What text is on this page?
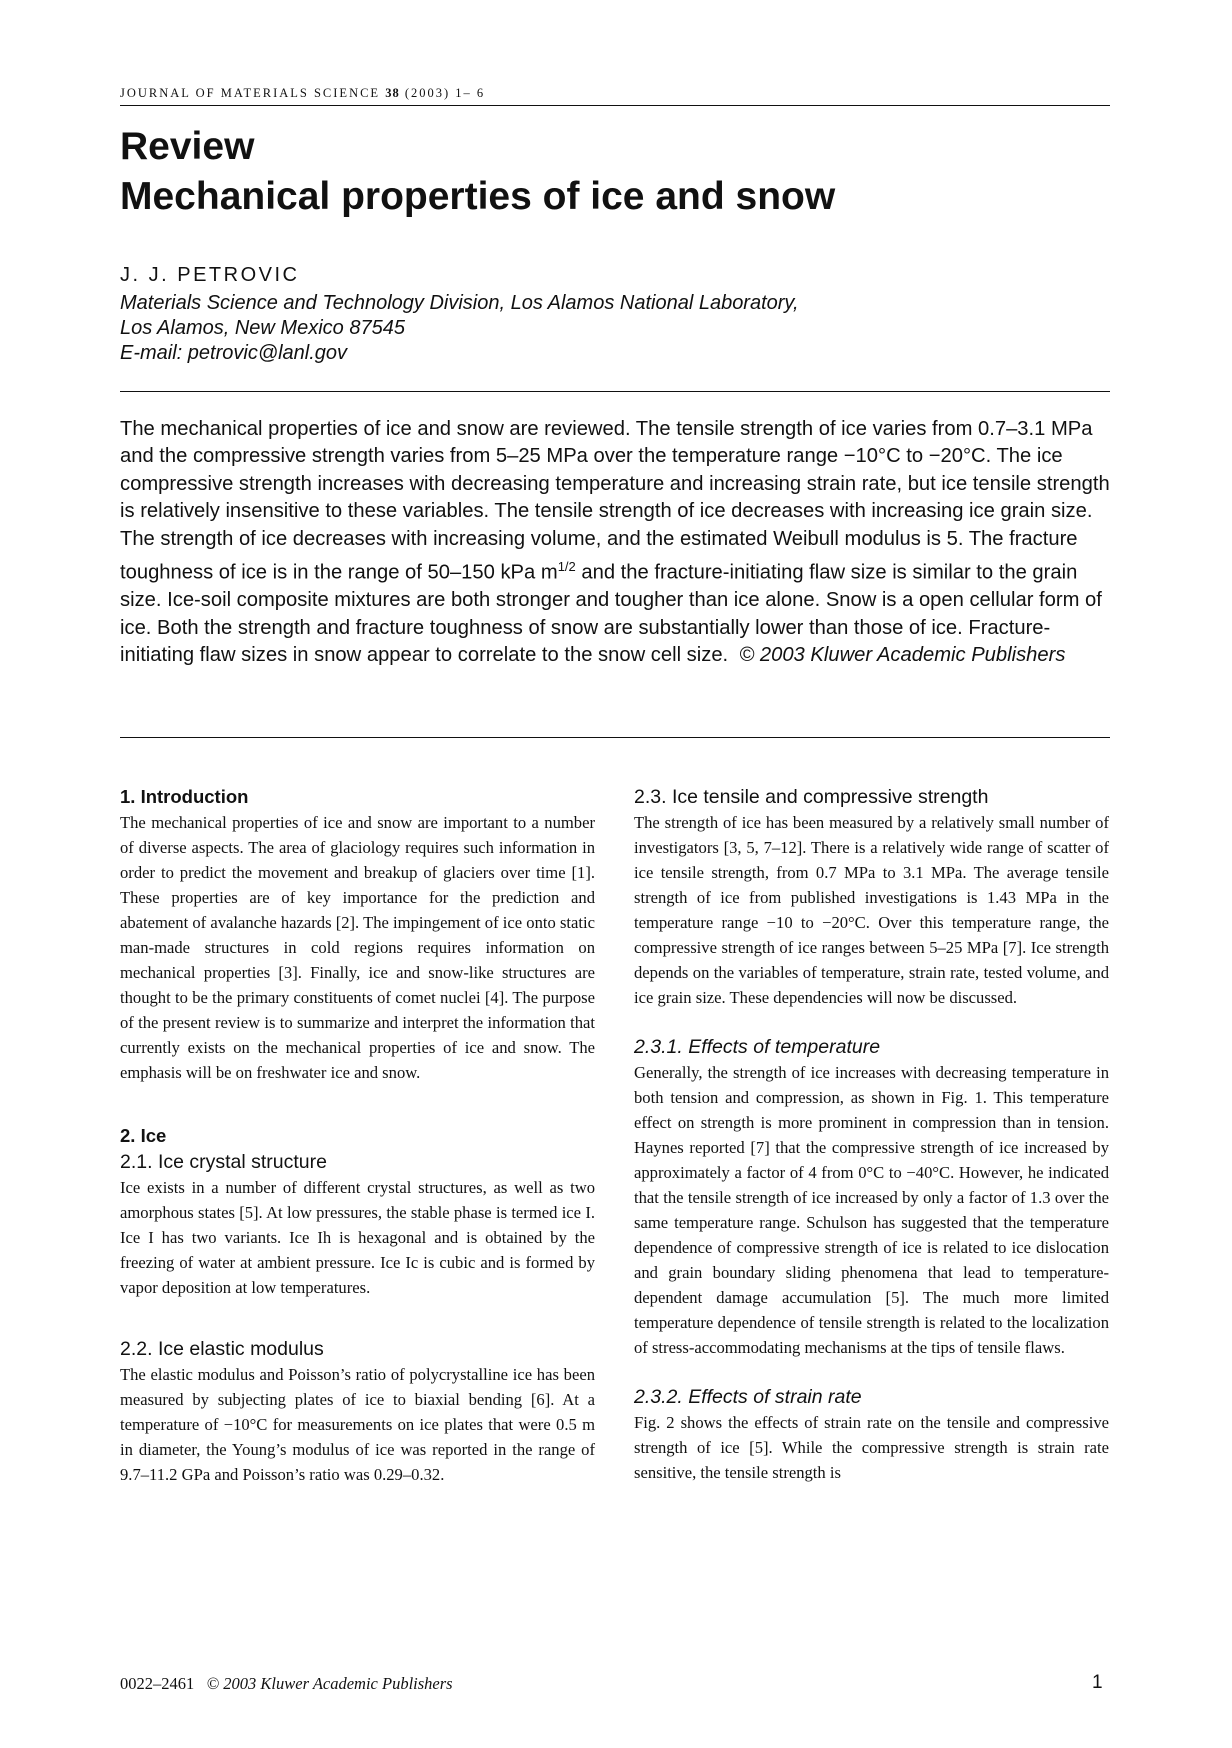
JOURNAL OF MATERIALS SCIENCE 38 (2003) 1– 6
Review
Mechanical properties of ice and snow
J. J. PETROVIC
Materials Science and Technology Division, Los Alamos National Laboratory,
Los Alamos, New Mexico 87545
E-mail: petrovic@lanl.gov
The mechanical properties of ice and snow are reviewed. The tensile strength of ice varies from 0.7–3.1 MPa and the compressive strength varies from 5–25 MPa over the temperature range −10°C to −20°C. The ice compressive strength increases with decreasing temperature and increasing strain rate, but ice tensile strength is relatively insensitive to these variables. The tensile strength of ice decreases with increasing ice grain size. The strength of ice decreases with increasing volume, and the estimated Weibull modulus is 5. The fracture toughness of ice is in the range of 50–150 kPa $m^{1/2}$ and the fracture-initiating flaw size is similar to the grain size. Ice-soil composite mixtures are both stronger and tougher than ice alone. Snow is a open cellular form of ice. Both the strength and fracture toughness of snow are substantially lower than those of ice. Fracture-initiating flaw sizes in snow appear to correlate to the snow cell size. © 2003 Kluwer Academic Publishers
1. Introduction

The mechanical properties of ice and snow are important to a number of diverse aspects. The area of glaciology requires such information in order to predict the movement and breakup of glaciers over time [1]. These properties are of key importance for the prediction and abatement of avalanche hazards [2]. The impingement of ice onto static man-made structures in cold regions requires information on mechanical properties [3]. Finally, ice and snow-like structures are thought to be the primary constituents of comet nuclei [4]. The purpose of the present review is to summarize and interpret the information that currently exists on the mechanical properties of ice and snow. The emphasis will be on freshwater ice and snow.

2. Ice
2.1. Ice crystal structure

Ice exists in a number of different crystal structures, as well as two amorphous states [5]. At low pressures, the stable phase is termed ice I. Ice I has two variants. Ice Ih is hexagonal and is obtained by the freezing of water at ambient pressure. Ice Ic is cubic and is formed by vapor deposition at low temperatures.

2.2. Ice elastic modulus

The elastic modulus and Poisson’s ratio of polycrystalline ice has been measured by subjecting plates of ice to biaxial bending [6]. At a temperature of −10°C for measurements on ice plates that were 0.5 m in diameter, the Young’s modulus of ice was reported in the range of 9.7–11.2 GPa and Poisson’s ratio was 0.29–0.32.

2.3. Ice tensile and compressive strength

The strength of ice has been measured by a relatively small number of investigators [3, 5, 7–12]. There is a relatively wide range of scatter of ice tensile strength, from 0.7 MPa to 3.1 MPa. The average tensile strength of ice from published investigations is 1.43 MPa in the temperature range −10 to −20°C. Over this temperature range, the compressive strength of ice ranges between 5–25 MPa [7]. Ice strength depends on the variables of temperature, strain rate, tested volume, and ice grain size. These dependencies will now be discussed.

2.3.1. Effects of temperature

Generally, the strength of ice increases with decreasing temperature in both tension and compression, as shown in Fig. 1. This temperature effect on strength is more prominent in compression than in tension. Haynes reported [7] that the compressive strength of ice increased by approximately a factor of 4 from 0°C to −40°C. However, he indicated that the tensile strength of ice increased by only a factor of 1.3 over the same temperature range. Schulson has suggested that the temperature dependence of compressive strength of ice is related to ice dislocation and grain boundary sliding phenomena that lead to temperature-dependent damage accumulation [5]. The much more limited temperature dependence of tensile strength is related to the localization of stress-accommodating mechanisms at the tips of tensile flaws.

2.3.2. Effects of strain rate

Fig. 2 shows the effects of strain rate on the tensile and compressive strength of ice [5]. While the compressive strength is strain rate sensitive, the tensile strength is

0022–2461 © 2003 Kluwer Academic Publishers	1
